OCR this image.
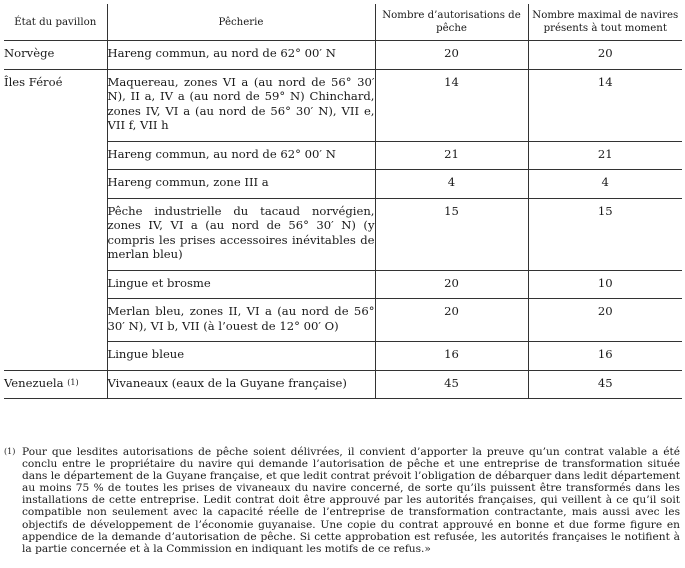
État du pavillon	Pêcherie	Nombre d’autorisations de pêche	Nombre maximal de navires présents à tout moment
Norvège	Hareng commun, au nord de 62° 00′ N	20	20
Îles Féroé	Maquereau, zones VI a (au nord de 56° 30′ N), II a, IV a (au nord de 59° N) Chinchard, zones IV, VI a (au nord de 56° 30′ N), VII e, VII f, VII h	14	14
	Hareng commun, au nord de 62° 00′ N	21	21
	Hareng commun, zone III a	4	4
	Pêche industrielle du tacaud norvégien, zones IV, VI a (au nord de 56° 30′ N) (y compris les prises accessoires inévitables de merlan bleu)	15	15
	Lingue et brosme	20	10
	Merlan bleu, zones II, VI a (au nord de 56° 30′ N), VI b, VII (à l’ouest de 12° 00′ O)	20	20
	Lingue bleue	16	16
Venezuela $^{(1)}$	Vivaneaux (eaux de la Guyane française)	45	45
(1) Pour que lesdites autorisations de pêche soient délivrées, il convient d’apporter la preuve qu’un contrat valable a été conclu entre le propriétaire du navire qui demande l’autorisation de pêche et une entreprise de transformation située dans le département de la Guyane française, et que ledit contrat prévoit l’obligation de débarquer dans ledit département au moins 75 % de toutes les prises de vivaneaux du navire concerné, de sorte qu’ils puissent être transformés dans les installations de cette entreprise. Ledit contrat doit être approuvé par les autorités françaises, qui veillent à ce qu’il soit compatible non seulement avec la capacité réelle de l’entreprise de transformation contractante, mais aussi avec les objectifs de développement de l’économie guyanaise. Une copie du contrat approuvé en bonne et due forme figure en appendice de la demande d’autorisation de pêche. Si cette approbation est refusée, les autorités françaises le notifient à la partie concernée et à la Commission en indiquant les motifs de ce refus.»
